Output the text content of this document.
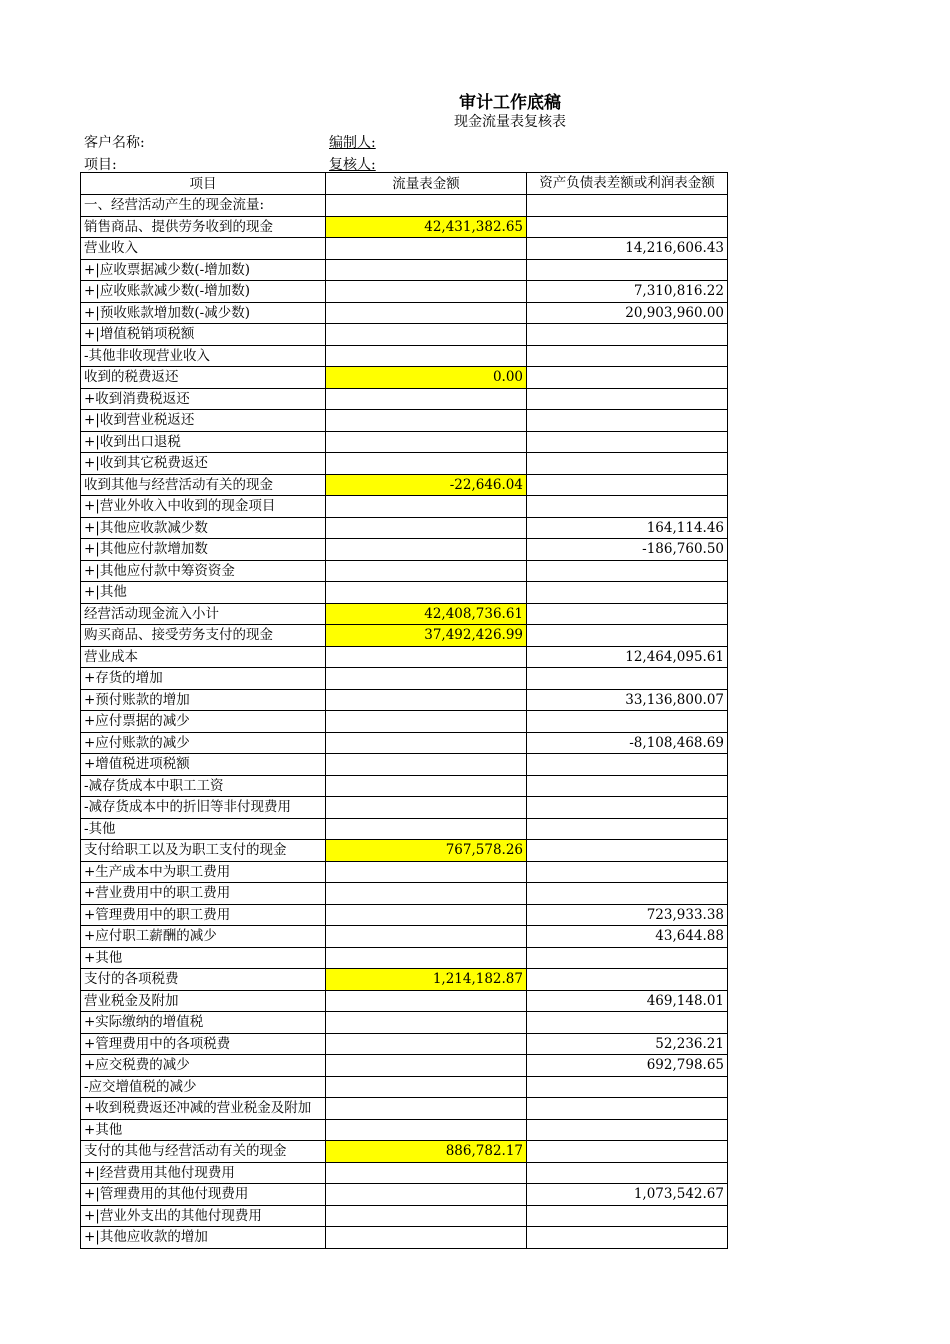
审计工作底稿
现金流量表复核表
客户名称:	编制人:
项目:	复核人:
项目	流量表金额	资产负债表差额或利润表金额
一、经营活动产生的现金流量:		
销售商品、提供劳务收到的现金	42,431,382.65	
营业收入		14,216,606.43
+|应收票据减少数(-增加数)		
+|应收账款减少数(-增加数)		7,310,816.22
+|预收账款增加数(-减少数)		20,903,960.00
+|增值税销项税额		
-其他非收现营业收入		
收到的税费返还	0.00	
+收到消费税返还		
+|收到营业税返还		
+|收到出口退税		
+|收到其它税费返还		
收到其他与经营活动有关的现金	-22,646.04	
+|营业外收入中收到的现金项目		
+|其他应收款减少数		164,114.46
+|其他应付款增加数		-186,760.50
+|其他应付款中筹资资金		
+|其他		
经营活动现金流入小计	42,408,736.61	
购买商品、接受劳务支付的现金	37,492,426.99	
营业成本		12,464,095.61
+存货的增加		
+预付账款的增加		33,136,800.07
+应付票据的减少		
+应付账款的减少		-8,108,468.69
+增值税进项税额		
-减存货成本中职工工资		
-减存货成本中的折旧等非付现费用		
-其他		
支付给职工以及为职工支付的现金	767,578.26	
+生产成本中为职工费用		
+营业费用中的职工费用		
+管理费用中的职工费用		723,933.38
+应付职工薪酬的减少		43,644.88
+其他		
支付的各项税费	1,214,182.87	
营业税金及附加		469,148.01
+实际缴纳的增值税		
+管理费用中的各项税费		52,236.21
+应交税费的减少		692,798.65
-应交增值税的减少		
+收到税费返还冲减的营业税金及附加		
+其他		
支付的其他与经营活动有关的现金	886,782.17	
+|经营费用其他付现费用		
+|管理费用的其他付现费用		1,073,542.67
+|营业外支出的其他付现费用		
+|其他应收款的增加		
